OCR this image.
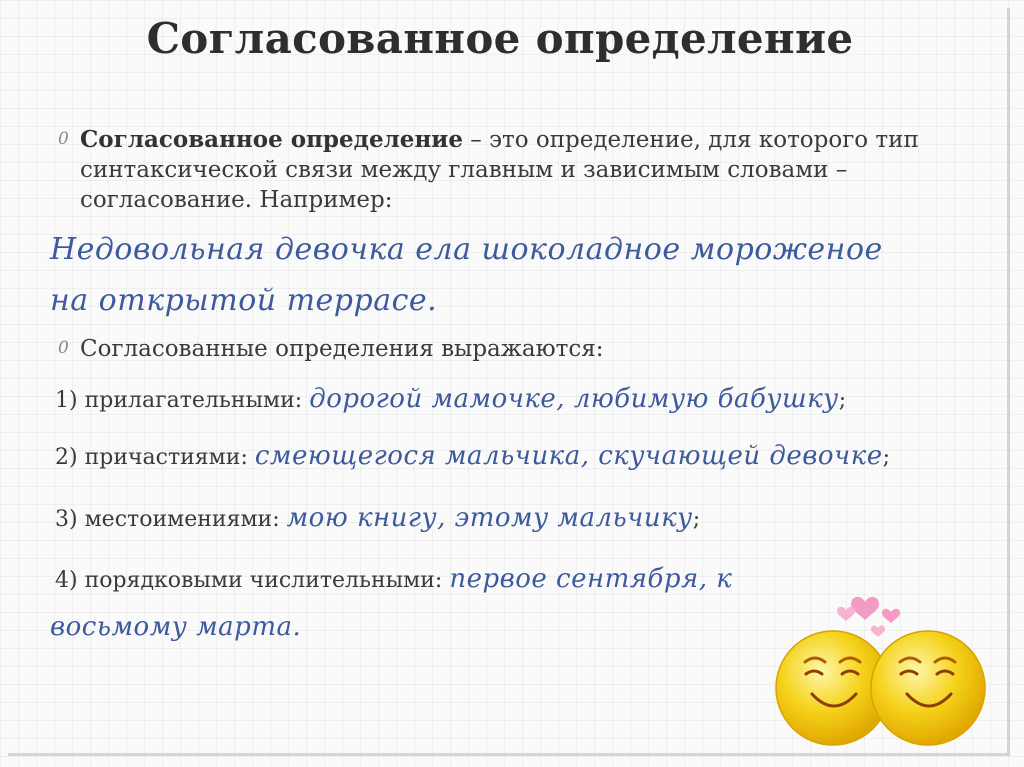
Согласованное определение
0 Согласованное определение – это определение, для которого тип синтаксической связи между главным и зависимым словами – согласование. Например:
Недовольная девочка ела шоколадное мороженое
на открытой террасе.
0 Согласованные определения выражаются:
1) прилагательными: дорогой мамочке, любимую бабушку;
2) причастиями: смеющегося мальчика, скучающей девочке;
3) местоимениями: мою книгу, этому мальчику;
4) порядковыми числительными: первое сентября, к
восьмому марта.
